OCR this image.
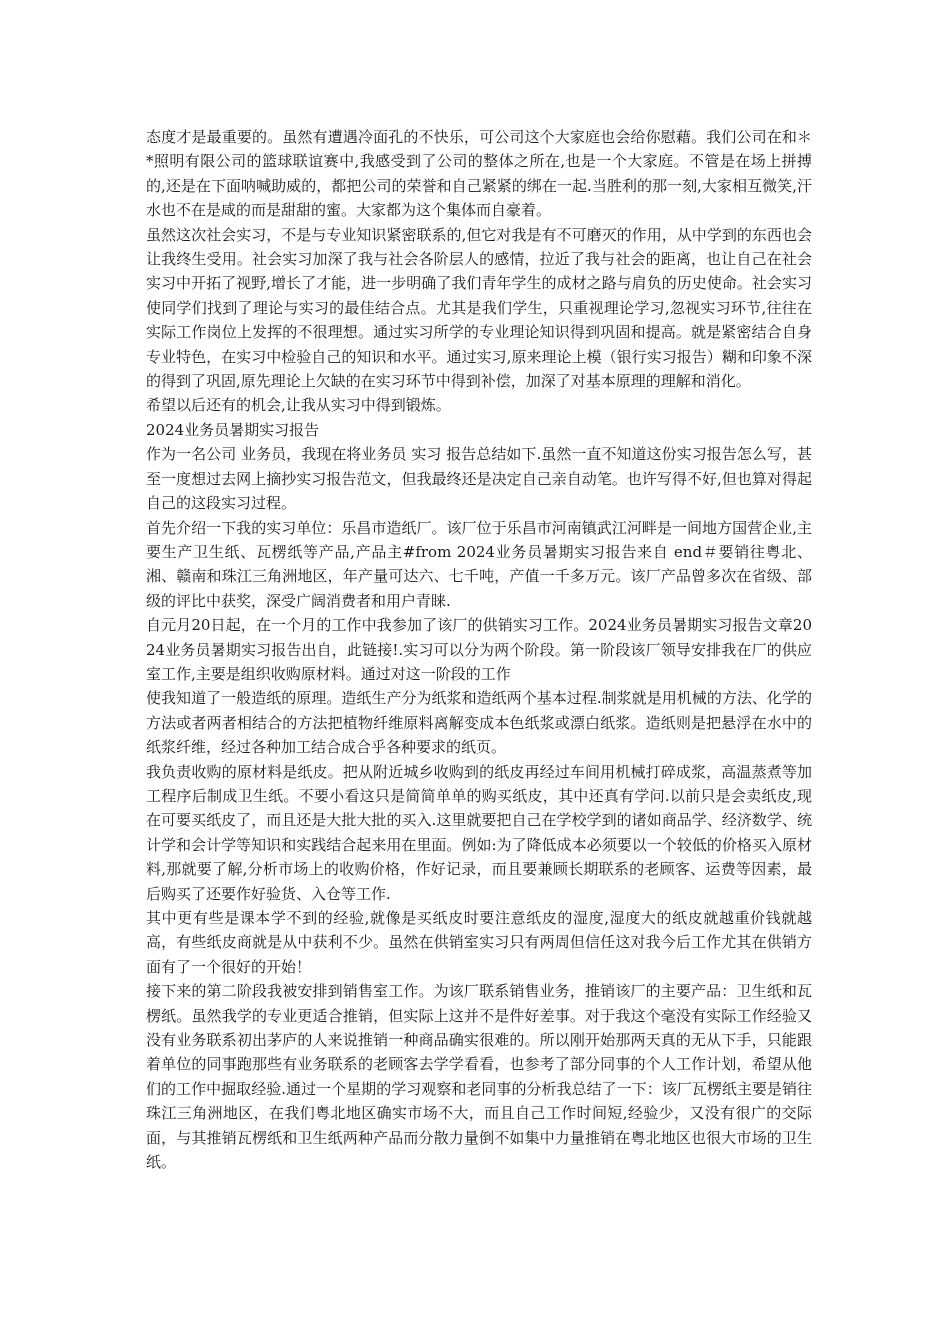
态度才是最重要的。虽然有遭遇冷面孔的不快乐，可公司这个大家庭也会给你慰藉。我们公司在和＊*照明有限公司的篮球联谊赛中,我感受到了公司的整体之所在,也是一个大家庭。不管是在场上拼搏的,还是在下面呐喊助威的，都把公司的荣誉和自己紧紧的绑在一起.当胜利的那一刻,大家相互微笑,汗水也不在是咸的而是甜甜的蜜。大家都为这个集体而自豪着。

虽然这次社会实习，不是与专业知识紧密联系的,但它对我是有不可磨灭的作用，从中学到的东西也会让我终生受用。社会实习加深了我与社会各阶层人的感情，拉近了我与社会的距离，也让自己在社会实习中开拓了视野,增长了才能，进一步明确了我们青年学生的成材之路与肩负的历史使命。社会实习使同学们找到了理论与实习的最佳结合点。尤其是我们学生，只重视理论学习,忽视实习环节,往往在实际工作岗位上发挥的不很理想。通过实习所学的专业理论知识得到巩固和提高。就是紧密结合自身专业特色，在实习中检验自己的知识和水平。通过实习,原来理论上模（银行实习报告）糊和印象不深的得到了巩固,原先理论上欠缺的在实习环节中得到补偿，加深了对基本原理的理解和消化。

希望以后还有的机会,让我从实习中得到锻炼。

2024业务员暑期实习报告

作为一名公司 业务员，我现在将业务员 实习 报告总结如下.虽然一直不知道这份实习报告怎么写，甚至一度想过去网上摘抄实习报告范文，但我最终还是决定自己亲自动笔。也许写得不好,但也算对得起自己的这段实习过程。

首先介绍一下我的实习单位：乐昌市造纸厂。该厂位于乐昌市河南镇武江河畔是一间地方国营企业,主要生产卫生纸、瓦楞纸等产品,产品主#from 2024业务员暑期实习报告来自 end＃要销往粤北、湘、赣南和珠江三角洲地区，年产量可达六、七千吨，产值一千多万元。该厂产品曾多次在省级、部级的评比中获奖，深受广阔消费者和用户青睐.

自元月20日起，在一个月的工作中我参加了该厂的供销实习工作。2024业务员暑期实习报告文章2024业务员暑期实习报告出自，此链接!.实习可以分为两个阶段。第一阶段该厂领导安排我在厂的供应室工作,主要是组织收购原材料。通过对这一阶段的工作

使我知道了一般造纸的原理。造纸生产分为纸浆和造纸两个基本过程.制浆就是用机械的方法、化学的方法或者两者相结合的方法把植物纤维原料离解变成本色纸浆或漂白纸浆。造纸则是把悬浮在水中的纸浆纤维，经过各种加工结合成合乎各种要求的纸页。

我负责收购的原材料是纸皮。把从附近城乡收购到的纸皮再经过车间用机械打碎成浆，高温蒸煮等加工程序后制成卫生纸。不要小看这只是简简单单的购买纸皮，其中还真有学问.以前只是会卖纸皮,现在可要买纸皮了，而且还是大批大批的买入.这里就要把自己在学校学到的诸如商品学、经济数学、统计学和会计学等知识和实践结合起来用在里面。例如:为了降低成本必须要以一个较低的价格买入原材料,那就要了解,分析市场上的收购价格，作好记录，而且要兼顾长期联系的老顾客、运费等因素，最后购买了还要作好验货、入仓等工作.

其中更有些是课本学不到的经验,就像是买纸皮时要注意纸皮的湿度,湿度大的纸皮就越重价钱就越高，有些纸皮商就是从中获利不少。虽然在供销室实习只有两周但信任这对我今后工作尤其在供销方面有了一个很好的开始！

接下来的第二阶段我被安排到销售室工作。为该厂联系销售业务，推销该厂的主要产品：卫生纸和瓦楞纸。虽然我学的专业更适合推销，但实际上这并不是件好差事。对于我这个毫没有实际工作经验又没有业务联系初出茅庐的人来说推销一种商品确实很难的。所以刚开始那两天真的无从下手，只能跟着单位的同事跑那些有业务联系的老顾客去学学看看，也参考了部分同事的个人工作计划，希望从他们的工作中掘取经验.通过一个星期的学习观察和老同事的分析我总结了一下：该厂瓦楞纸主要是销往珠江三角洲地区，在我们粤北地区确实市场不大，而且自己工作时间短,经验少，又没有很广的交际面，与其推销瓦楞纸和卫生纸两种产品而分散力量倒不如集中力量推销在粤北地区也很大市场的卫生纸。
